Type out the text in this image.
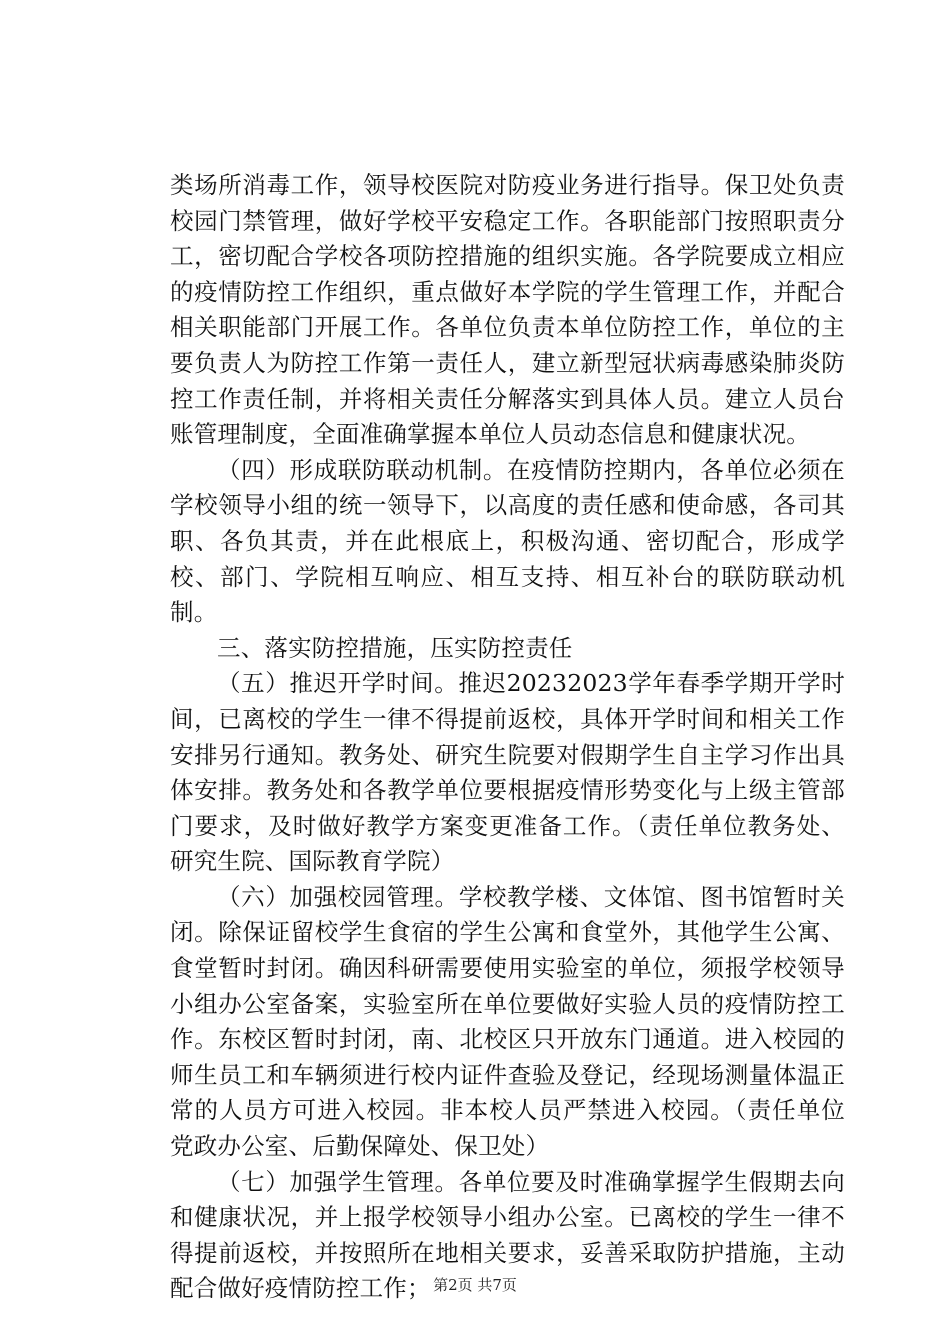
类场所消毒工作，领导校医院对防疫业务进行指导。保卫处负责校园门禁管理，做好学校平安稳定工作。各职能部门按照职责分工，密切配合学校各项防控措施的组织实施。各学院要成立相应的疫情防控工作组织，重点做好本学院的学生管理工作，并配合相关职能部门开展工作。各单位负责本单位防控工作，单位的主要负责人为防控工作第一责任人，建立新型冠状病毒感染肺炎防控工作责任制，并将相关责任分解落实到具体人员。建立人员台账管理制度，全面准确掌握本单位人员动态信息和健康状况。

（四）形成联防联动机制。在疫情防控期内，各单位必须在学校领导小组的统一领导下，以高度的责任感和使命感，各司其职、各负其责，并在此根底上，积极沟通、密切配合，形成学校、部门、学院相互响应、相互支持、相互补台的联防联动机制。

三、落实防控措施，压实防控责任

（五）推迟开学时间。推迟20232023学年春季学期开学时间，已离校的学生一律不得提前返校，具体开学时间和相关工作安排另行通知。教务处、研究生院要对假期学生自主学习作出具体安排。教务处和各教学单位要根据疫情形势变化与上级主管部门要求，及时做好教学方案变更准备工作。（责任单位教务处、研究生院、国际教育学院）

（六）加强校园管理。学校教学楼、文体馆、图书馆暂时关闭。除保证留校学生食宿的学生公寓和食堂外，其他学生公寓、食堂暂时封闭。确因科研需要使用实验室的单位，须报学校领导小组办公室备案，实验室所在单位要做好实验人员的疫情防控工作。东校区暂时封闭，南、北校区只开放东门通道。进入校园的师生员工和车辆须进行校内证件查验及登记，经现场测量体温正常的人员方可进入校园。非本校人员严禁进入校园。（责任单位党政办公室、后勤保障处、保卫处）

（七）加强学生管理。各单位要及时准确掌握学生假期去向和健康状况，并上报学校领导小组办公室。已离校的学生一律不得提前返校，并按照所在地相关要求，妥善采取防护措施，主动配合做好疫情防控工作； 第2页 共7页
